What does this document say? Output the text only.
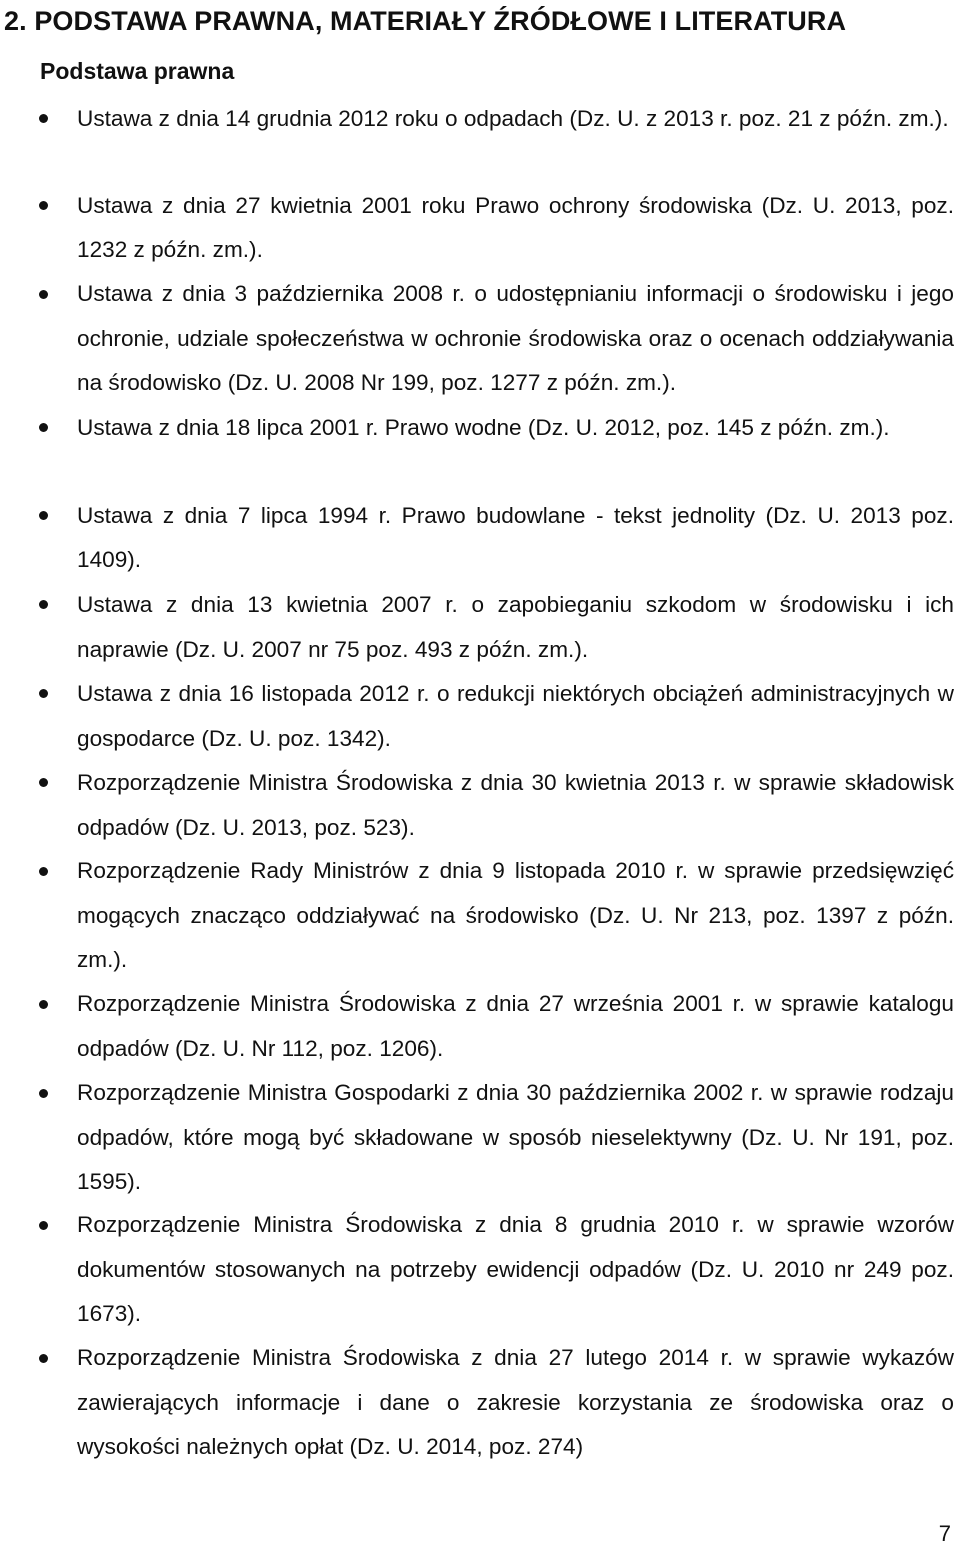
2. PODSTAWA PRAWNA, MATERIAŁY ŹRÓDŁOWE I LITERATURA
Podstawa prawna
Ustawa z dnia 14 grudnia 2012 roku o odpadach (Dz. U. z 2013 r. poz. 21 z późn. zm.).
Ustawa z dnia 27 kwietnia 2001 roku Prawo ochrony środowiska (Dz. U. 2013, poz. 1232 z późn. zm.).
Ustawa z dnia 3 października 2008 r. o udostępnianiu informacji o środowisku i jego ochronie, udziale społeczeństwa w ochronie środowiska oraz o ocenach oddziaływania na środowisko (Dz. U. 2008 Nr 199, poz. 1277 z późn. zm.).
Ustawa z dnia 18 lipca 2001 r. Prawo wodne (Dz. U. 2012, poz. 145 z późn. zm.).
Ustawa z dnia 7 lipca 1994 r. Prawo budowlane - tekst jednolity (Dz. U. 2013 poz. 1409).
Ustawa z dnia 13 kwietnia 2007 r. o zapobieganiu szkodom w środowisku i ich naprawie (Dz. U. 2007 nr 75 poz. 493 z późn. zm.).
Ustawa z dnia 16 listopada 2012 r. o redukcji niektórych obciążeń administracyjnych w gospodarce (Dz. U. poz. 1342).
Rozporządzenie Ministra Środowiska z dnia 30 kwietnia 2013 r. w sprawie składowisk odpadów (Dz. U. 2013, poz. 523).
Rozporządzenie Rady Ministrów z dnia 9 listopada 2010 r. w sprawie przedsięwzięć mogących znacząco oddziaływać na środowisko (Dz. U. Nr 213, poz. 1397 z późn. zm.).
Rozporządzenie Ministra Środowiska z dnia 27 września 2001 r. w sprawie katalogu odpadów (Dz. U. Nr 112, poz. 1206).
Rozporządzenie Ministra Gospodarki z dnia 30 października 2002 r. w sprawie rodzaju odpadów, które mogą być składowane w sposób nieselektywny (Dz. U. Nr 191, poz. 1595).
Rozporządzenie Ministra Środowiska z dnia 8 grudnia 2010 r. w sprawie wzorów dokumentów stosowanych na potrzeby ewidencji odpadów (Dz. U. 2010 nr 249 poz. 1673).
Rozporządzenie Ministra Środowiska z dnia 27 lutego 2014 r. w sprawie wykazów zawierających informacje i dane o zakresie korzystania ze środowiska oraz o wysokości należnych opłat (Dz. U. 2014, poz. 274)
7
